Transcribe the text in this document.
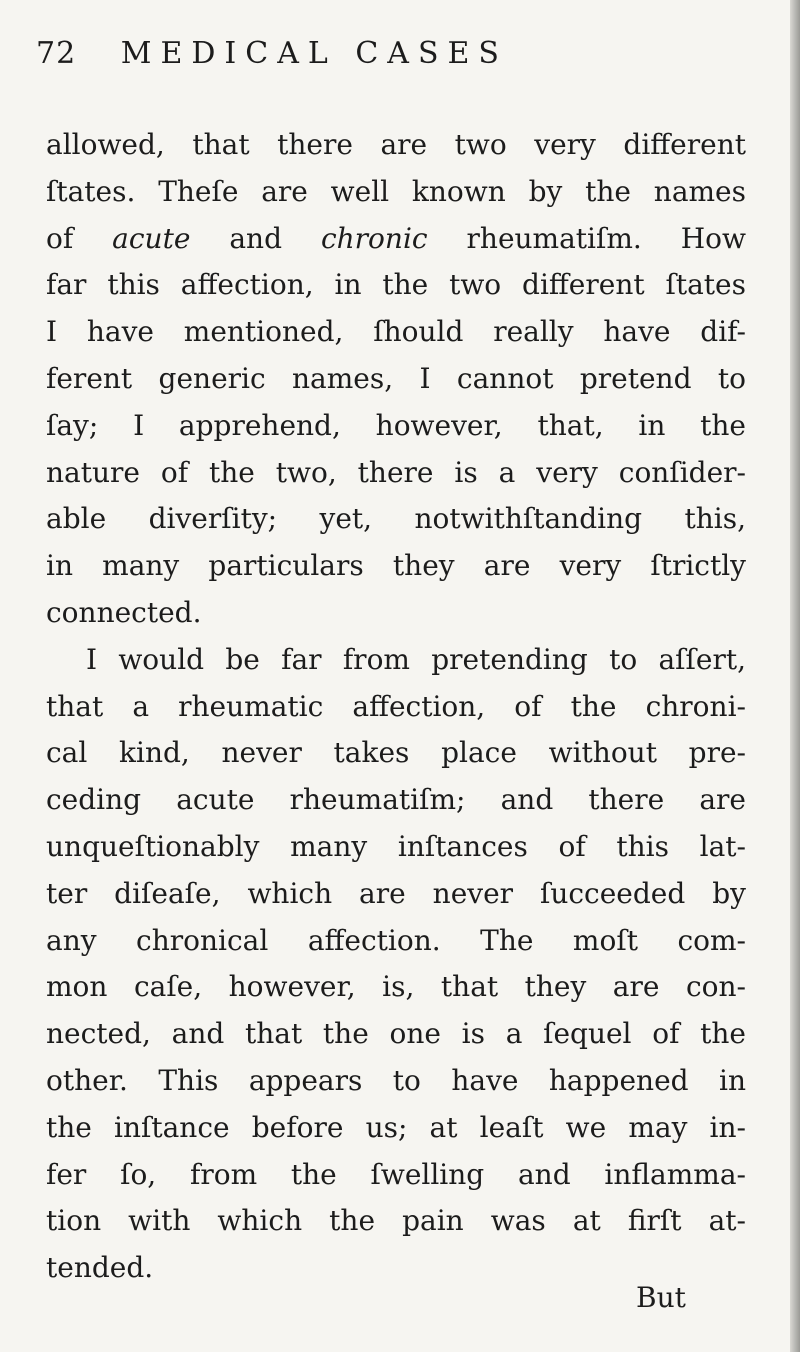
72 MEDICAL CASES
allowed, that there are two very different
ſtates. Theſe are well known by the names
of acute and chronic rheumatiſm. How
far this affection, in the two different ſtates
I have mentioned, ſhould really have dif-
ferent generic names, I cannot pretend to
ſay; I apprehend, however, that, in the
nature of the two, there is a very conſider-
able diverſity; yet, notwithſtanding this,
in many particulars they are very ſtrictly
connected.
I would be far from pretending to aſſert,
that a rheumatic affection, of the chroni-
cal kind, never takes place without pre-
ceding acute rheumatiſm; and there are
unqueſtionably many inſtances of this lat-
ter diſeaſe, which are never ſucceeded by
any chronical affection. The moſt com-
mon caſe, however, is, that they are con-
nected, and that the one is a ſequel of the
other. This appears to have happened in
the inſtance before us; at leaſt we may in-
fer ſo, from the ſwelling and inflamma-
tion with which the pain was at firſt at-
tended.
But
